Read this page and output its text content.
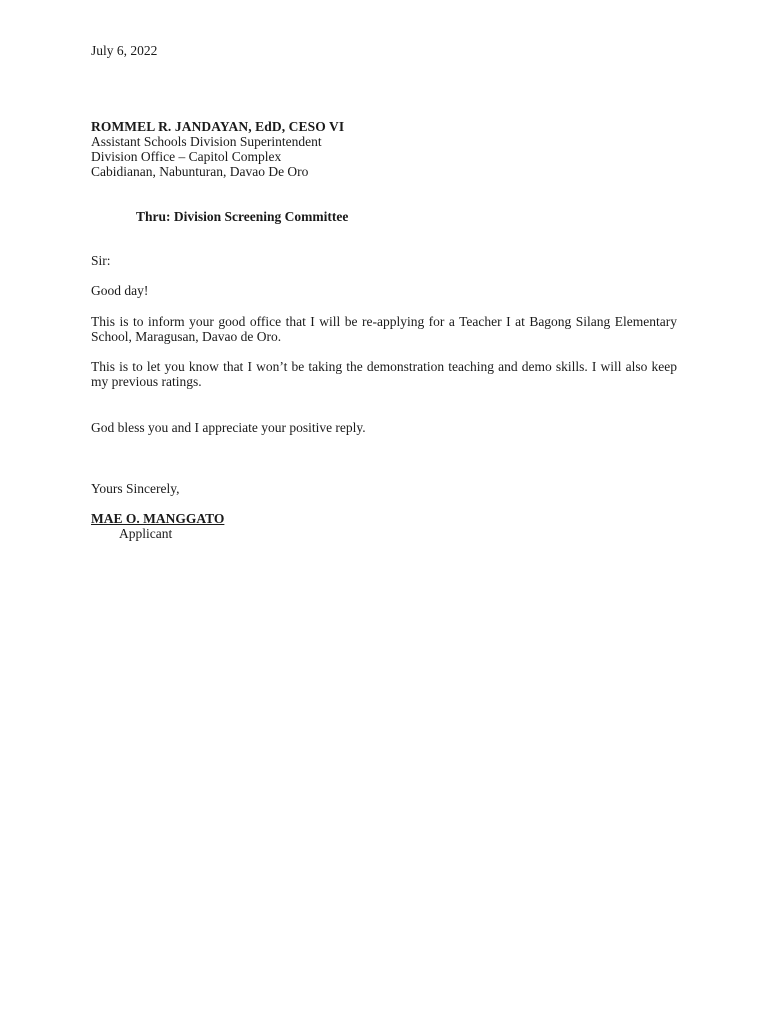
July 6, 2022
ROMMEL R. JANDAYAN, EdD, CESO VI
Assistant Schools Division Superintendent
Division Office – Capitol Complex
Cabidianan, Nabunturan, Davao De Oro
Thru: Division Screening Committee
Sir:
Good day!
This is to inform your good office that I will be re-applying for a Teacher I at Bagong Silang Elementary School, Maragusan, Davao de Oro.
This is to let you know that I won’t be taking the demonstration teaching and demo skills. I will also keep my previous ratings.
God bless you and I appreciate your positive reply.
Yours Sincerely,
MAE O. MANGGATO
Applicant
